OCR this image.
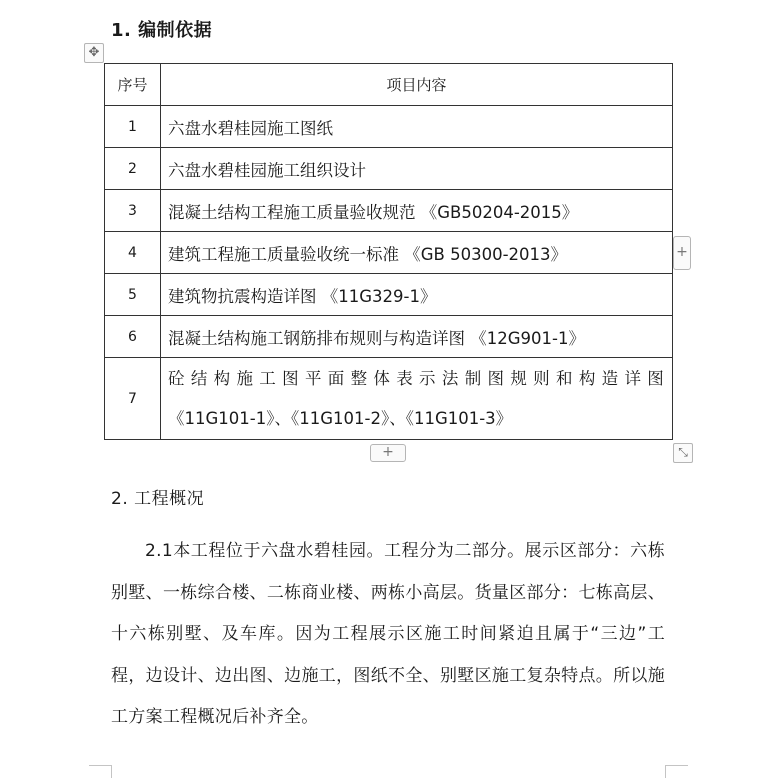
1. 编制依据
✥
序号	项目内容
1	六盘水碧桂园施工图纸
2	六盘水碧桂园施工组织设计
3	混凝土结构工程施工质量验收规范 《GB50204-2015》
4	建筑工程施工质量验收统一标准 《GB 50300-2013》
5	建筑物抗震构造详图 《11G329-1》
6	混凝土结构施工钢筋排布规则与构造详图 《12G901-1》
7	砼结构施工图平面整体表示法制图规则和构造详图
《11G101-1》、《11G101-2》、《11G101-3》
+
+	⤡
2. 工程概况
2.1本工程位于六盘水碧桂园。工程分为二部分。展示区部分：六栋别墅、一栋综合楼、二栋商业楼、两栋小高层。货量区部分：七栋高层、十六栋别墅、及车库。因为工程展示区施工时间紧迫且属于“三边”工程，边设计、边出图、边施工，图纸不全、别墅区施工复杂特点。所以施工方案工程概况后补齐全。
